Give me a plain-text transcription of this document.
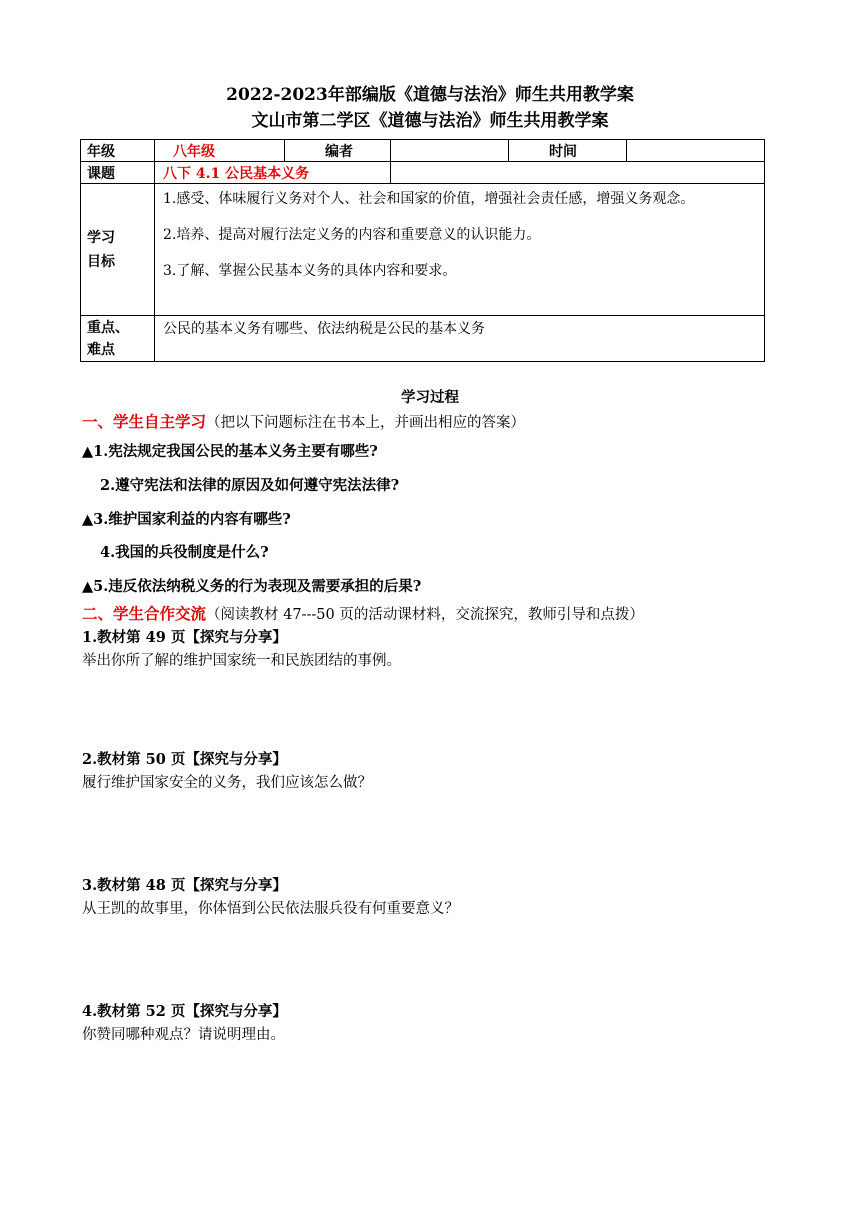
2022-2023年部编版《道德与法治》师生共用教学案
文山市第二学区《道德与法治》师生共用教学案
年级	八年级	编者		时间	
课题	八下 4.1 公民基本义务				
学习目标	1.感受、体味履行义务对个人、社会和国家的价值，增强社会责任感，增强义务观念。

2.培养、提高对履行法定义务的内容和重要意义的认识能力。

3.了解、掌握公民基本义务的具体内容和要求。				

重点、难点	公民的基本义务有哪些、依法纳税是公民的基本义务				
学习过程
一、学生自主学习（把以下问题标注在书本上，并画出相应的答案）
▲1.宪法规定我国公民的基本义务主要有哪些?
2.遵守宪法和法律的原因及如何遵守宪法法律?
▲3.维护国家利益的内容有哪些?
4.我国的兵役制度是什么?
▲5.违反依法纳税义务的行为表现及需要承担的后果?
二、学生合作交流（阅读教材 47---50 页的活动课材料，交流探究，教师引导和点拨）
1.教材第 49 页【探究与分享】
举出你所了解的维护国家统一和民族团结的事例。
2.教材第 50 页【探究与分享】
履行维护国家安全的义务，我们应该怎么做？
3.教材第 48 页【探究与分享】
从王凯的故事里，你体悟到公民依法服兵役有何重要意义？
4.教材第 52 页【探究与分享】
你赞同哪种观点？请说明理由。
